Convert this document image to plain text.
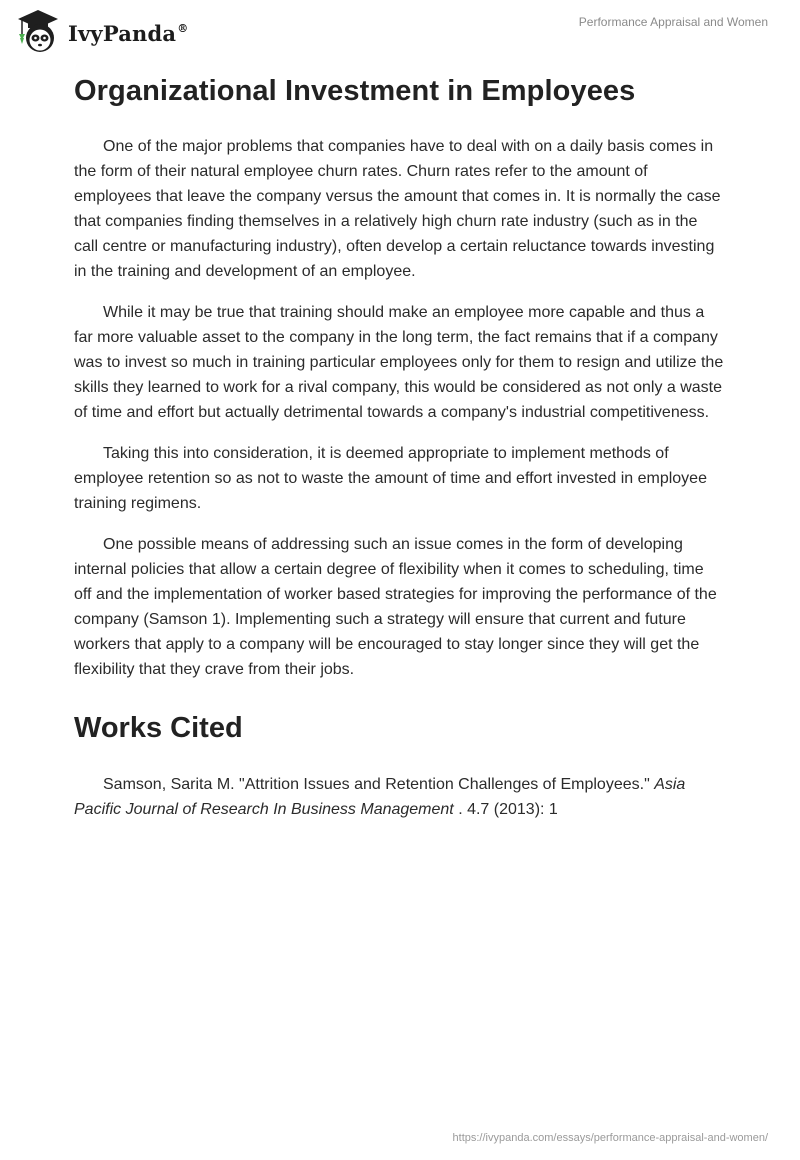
IvyPanda®	Performance Appraisal and Women
Organizational Investment in Employees

One of the major problems that companies have to deal with on a daily basis comes in the form of their natural employee churn rates. Churn rates refer to the amount of employees that leave the company versus the amount that comes in. It is normally the case that companies finding themselves in a relatively high churn rate industry (such as in the call centre or manufacturing industry), often develop a certain reluctance towards investing in the training and development of an employee.

While it may be true that training should make an employee more capable and thus a far more valuable asset to the company in the long term, the fact remains that if a company was to invest so much in training particular employees only for them to resign and utilize the skills they learned to work for a rival company, this would be considered as not only a waste of time and effort but actually detrimental towards a company's industrial competitiveness.

Taking this into consideration, it is deemed appropriate to implement methods of employee retention so as not to waste the amount of time and effort invested in employee training regimens.

One possible means of addressing such an issue comes in the form of developing internal policies that allow a certain degree of flexibility when it comes to scheduling, time off and the implementation of worker based strategies for improving the performance of the company (Samson 1). Implementing such a strategy will ensure that current and future workers that apply to a company will be encouraged to stay longer since they will get the flexibility that they crave from their jobs.

Works Cited

Samson, Sarita M. "Attrition Issues and Retention Challenges of Employees." Asia Pacific Journal of Research In Business Management . 4.7 (2013): 1

https://ivypanda.com/essays/performance-appraisal-and-women/
